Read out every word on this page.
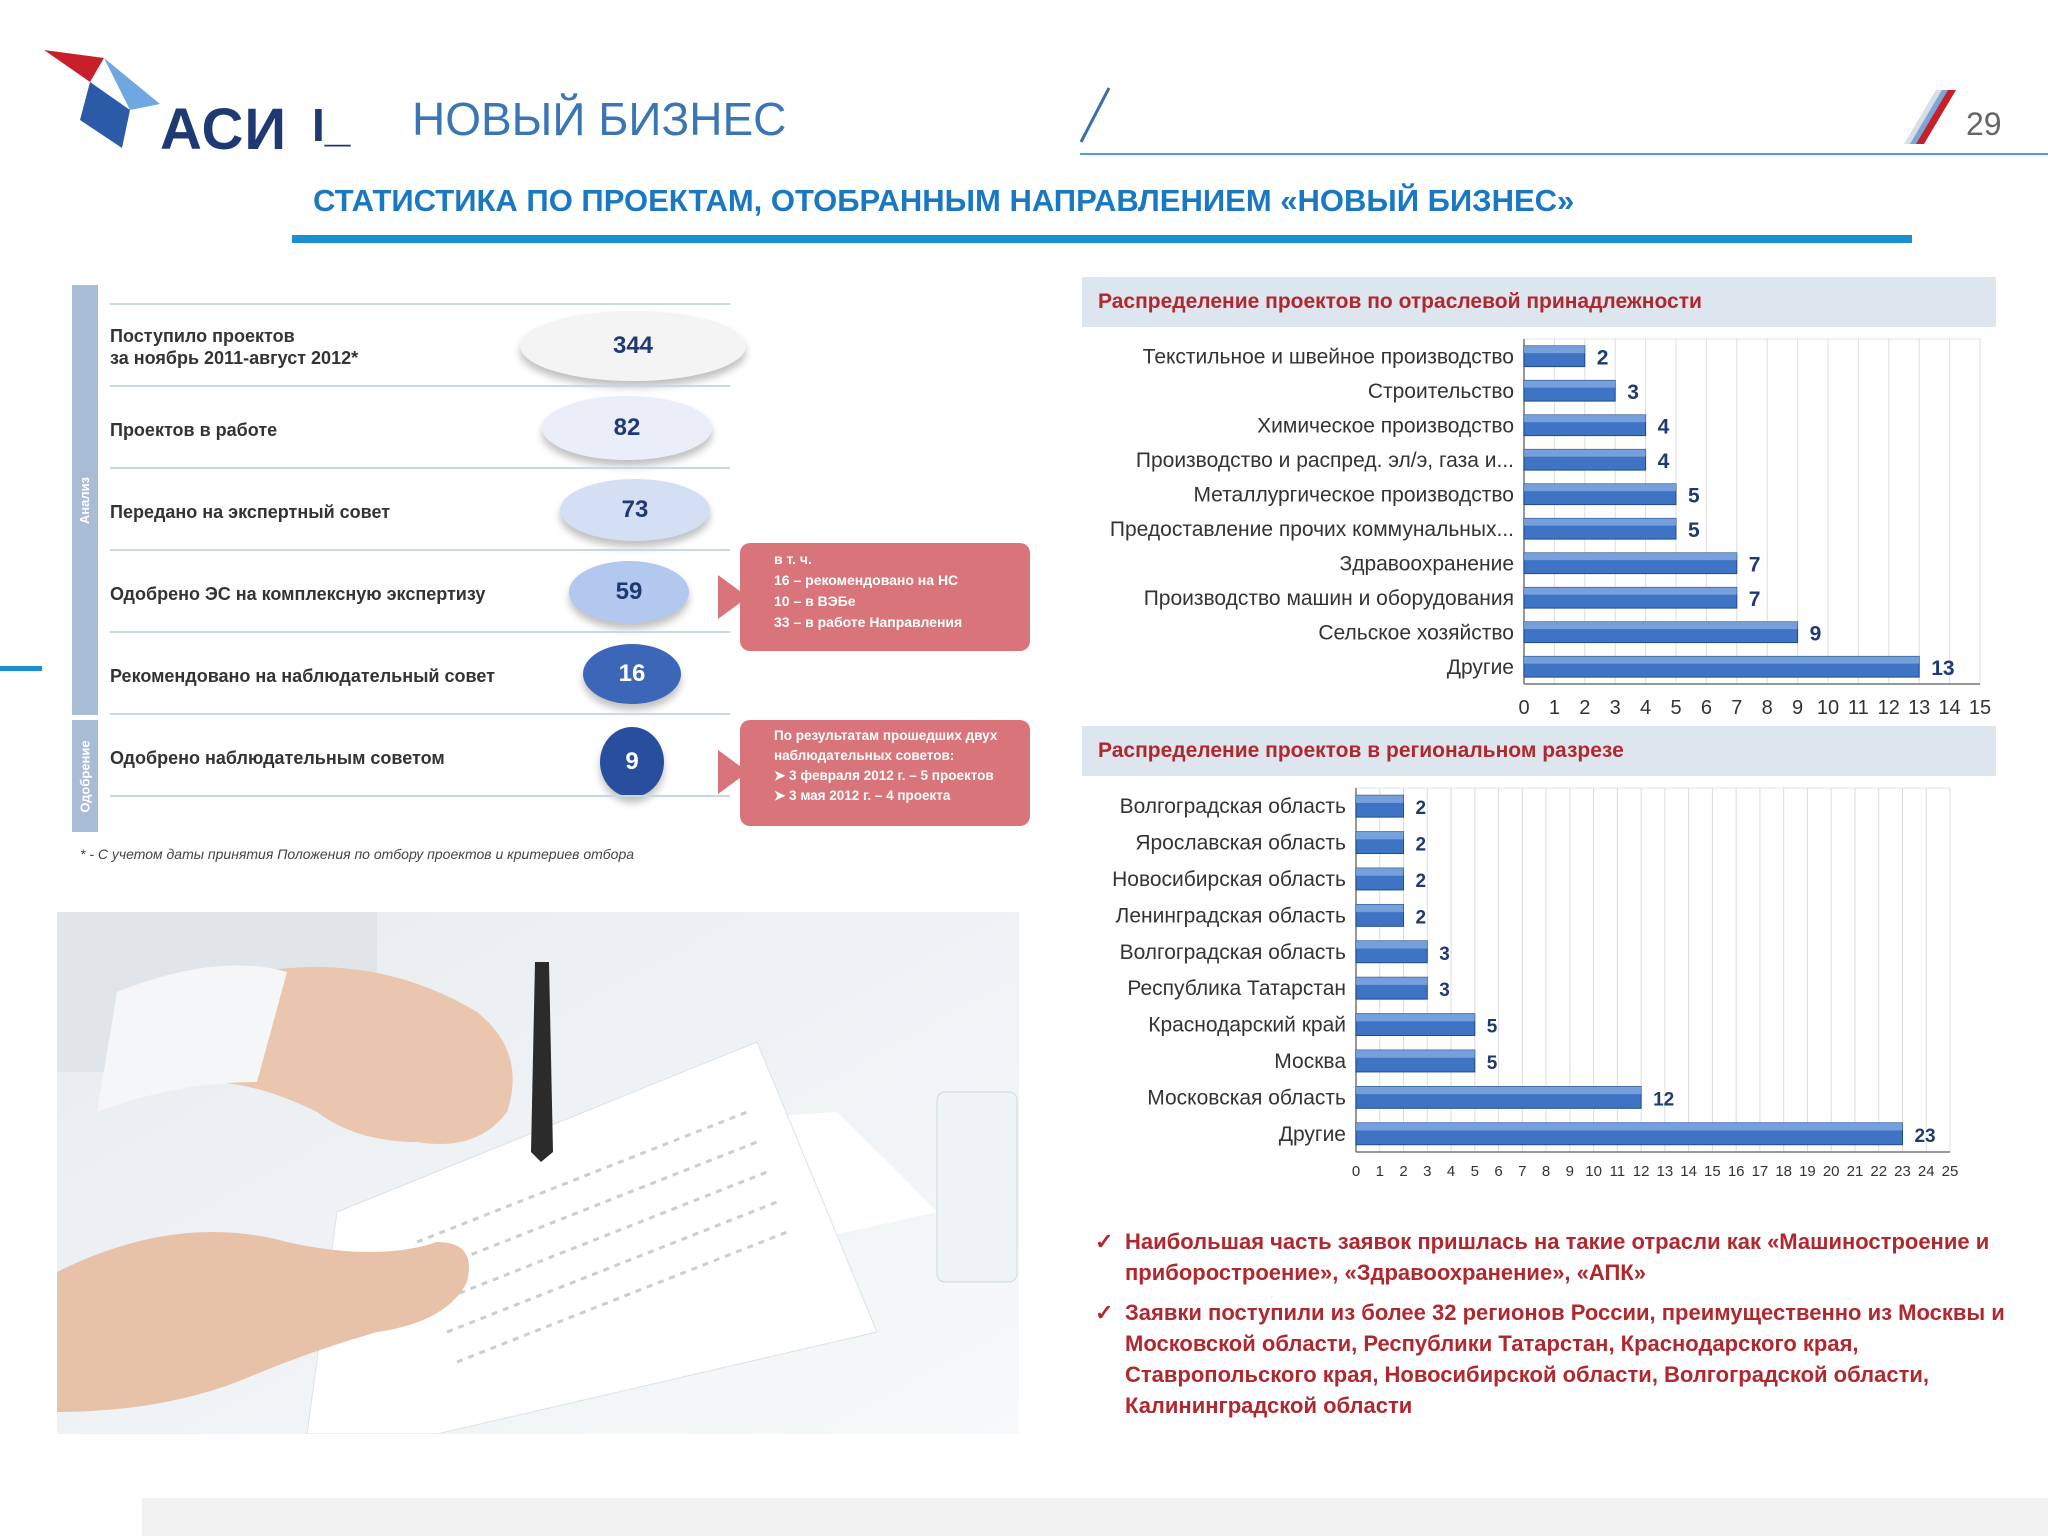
АСИ I_ НОВЫЙ БИЗНЕС	29
СТАТИСТИКА ПО ПРОЕКТАМ, ОТОБРАННЫМ НАПРАВЛЕНИЕМ «НОВЫЙ БИЗНЕС»
Анализ
Одобрение
Поступило проектов
за ноябрь 2011-август 2012*	344
Проектов в работе	82
Передано на экспертный совет	73
Одобрено ЭС на комплексную экспертизу	59
Рекомендовано на наблюдательный совет	16
Одобрено наблюдательным советом	9
в т. ч.
16 – рекомендовано на НС
10 – в ВЭБе
33 – в работе Направления
По результатам прошедших двух
наблюдательных советов:
➤ 3 февраля 2012 г. – 5 проектов
➤ 3 мая 2012 г. – 4 проекта
* - С учетом даты принятия Положения по отбору проектов и критериев отбора
Распределение проектов по отраслевой принадлежности
0 1 2 3 4 5 6 7 8 9 10 11 12 13 14 15
Текстильное и швейное производство	2
Строительство	3
Химическое производство	4
Производство и распред. эл/э, газа и...	4
Металлургическое производство	5
Предоставление прочих коммунальных...	5
Здравоохранение	7
Производство машин и оборудования	7
Сельское хозяйство	9
Другие	13
Распределение проектов в региональном разрезе
0 1 2 3 4 5 6 7 8 9 10 11 12 13 14 15 16 17 18 19 20 21 22 23 24 25
Волгоградская область	2
Ярославская область	2
Новосибирская область	2
Ленинградская область	2
Волгоградская область	3
Республика Татарстан	3
Краснодарский край	5
Москва	5
Московская область	12
Другие	23
✓ Наибольшая часть заявок пришлась на такие отрасли как «Машиностроение и приборостроение», «Здравоохранение», «АПК»
✓ Заявки поступили из более 32 регионов России, преимущественно из Москвы и Московской области, Республики Татарстан, Краснодарского края, Ставропольского края, Новосибирской области, Волгоградской области, Калининградской области
